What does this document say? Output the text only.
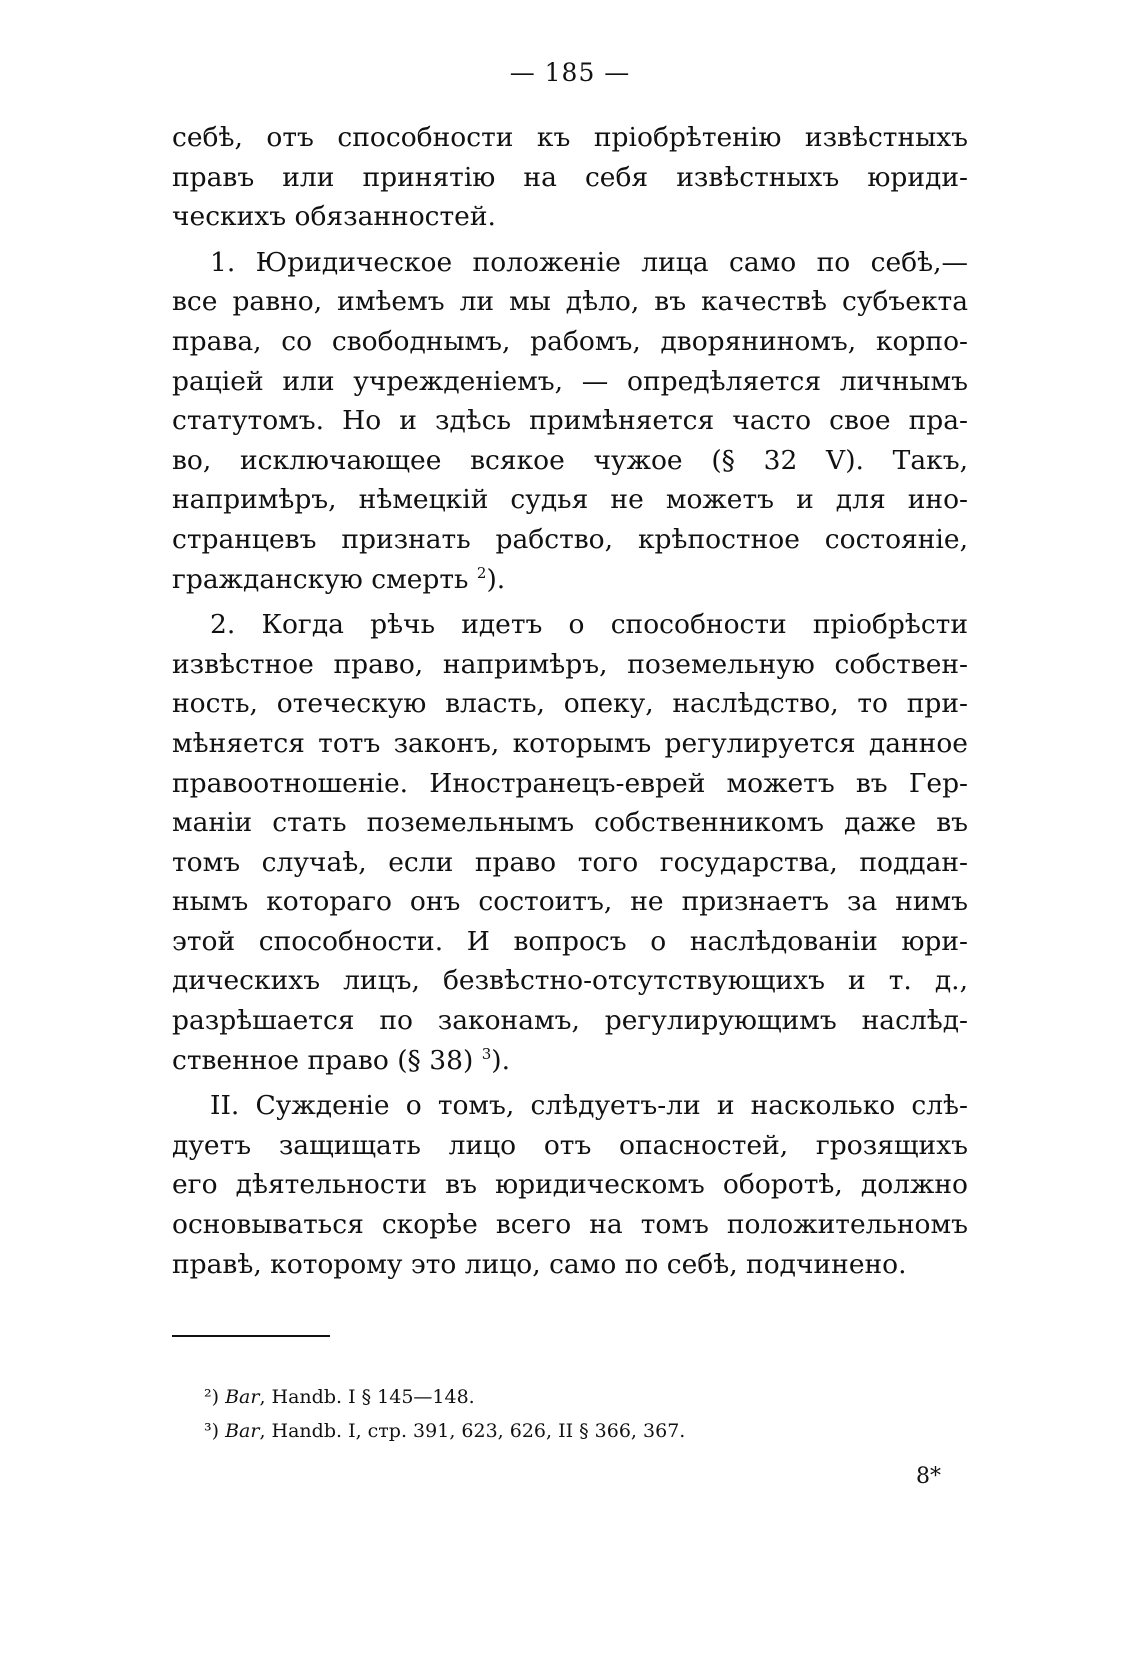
— 185 —
себѣ, отъ способности къ пріобрѣтенію извѣстныхъ
правъ или принятію на себя извѣстныхъ юриди-
ческихъ обязанностей.
1. Юридическое положеніе лица само по себѣ,—
все равно, имѣемъ ли мы дѣло, въ качествѣ субъекта
права, со свободнымъ, рабомъ, дворяниномъ, корпо-
раціей или учрежденіемъ, — опредѣляется личнымъ
статутомъ. Но и здѣсь примѣняется часто свое пра-
во, исключающее всякое чужое (§ 32 V). Такъ,
напримѣръ, нѣмецкій судья не можетъ и для ино-
странцевъ признать рабство, крѣпостное состояніе,
гражданскую смерть $^2$).
2. Когда рѣчь идетъ о способности пріобрѣсти
извѣстное право, напримѣръ, поземельную собствен-
ность, отеческую власть, опеку, наслѣдство, то при-
мѣняется тотъ законъ, которымъ регулируется данное
правоотношеніе. Иностранецъ-еврей можетъ въ Гер-
маніи стать поземельнымъ собственникомъ даже въ
томъ случаѣ, если право того государства, поддан-
нымъ котораго онъ состоитъ, не признаетъ за нимъ
этой способности. И вопросъ о наслѣдованіи юри-
дическихъ лицъ, безвѣстно-отсутствующихъ и т. д.,
разрѣшается по законамъ, регулирующимъ наслѣд-
ственное право (§ 38) $^3$).
II. Сужденіе о томъ, слѣдуетъ-ли и насколько слѣ-
дуетъ защищать лицо отъ опасностей, грозящихъ
его дѣятельности въ юридическомъ оборотѣ, должно
основываться скорѣе всего на томъ положительномъ
правѣ, которому это лицо, само по себѣ, подчинено.
²) Bar, Handb. I § 145—148.
³) Bar, Handb. I, стр. 391, 623, 626, II § 366, 367.
8*
